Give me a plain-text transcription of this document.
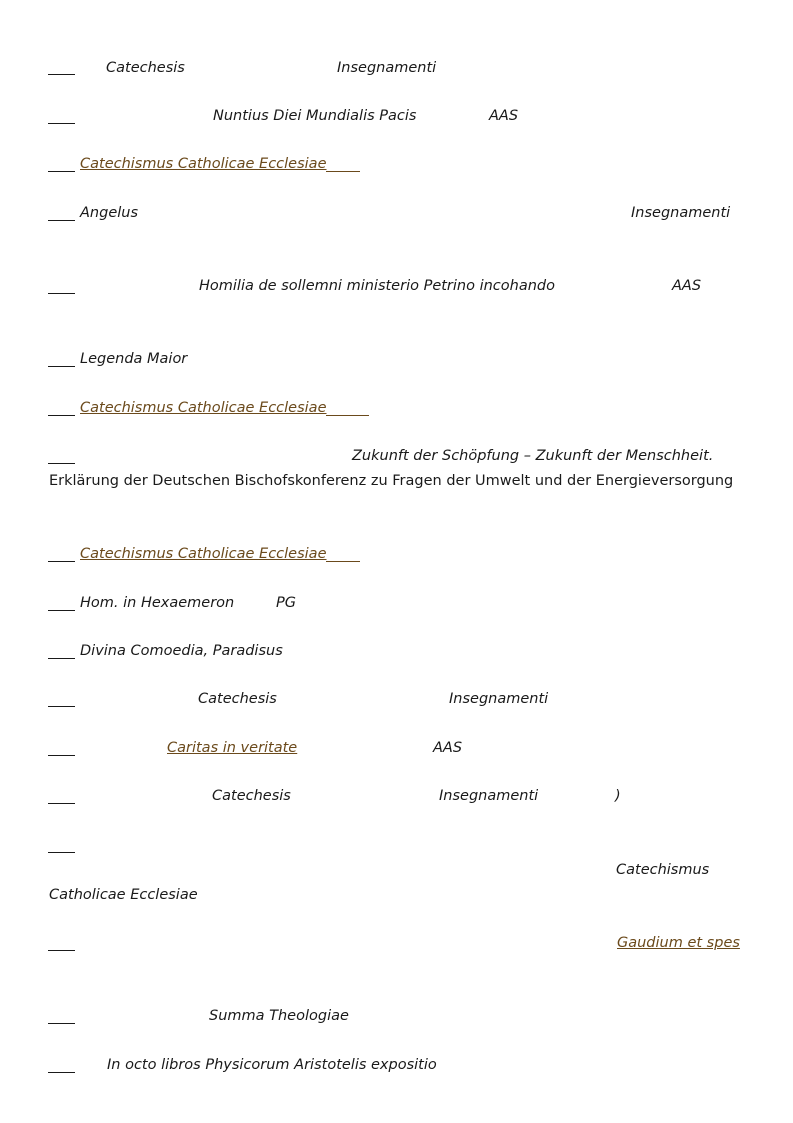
Catechesis	Insegnamenti
Nuntius Diei Mundialis Pacis	AAS
Catechismus Catholicae Ecclesiae
Angelus	Insegnamenti
Homilia de sollemni ministerio Petrino incohando	AAS
Legenda Maior
Catechismus Catholicae Ecclesiae
Zukunft der Schöpfung – Zukunft der Menschheit.
Erklärung der Deutschen Bischofskonferenz zu Fragen der Umwelt und der Energieversorgung
Catechismus Catholicae Ecclesiae
Hom. in Hexaemeron	PG
Divina Comoedia, Paradisus
Catechesis	Insegnamenti
Caritas in veritate	AAS
Catechesis	Insegnamenti	)
Catechismus
Catholicae Ecclesiae
Gaudium et spes
Summa Theologiae
In octo libros Physicorum Aristotelis expositio
